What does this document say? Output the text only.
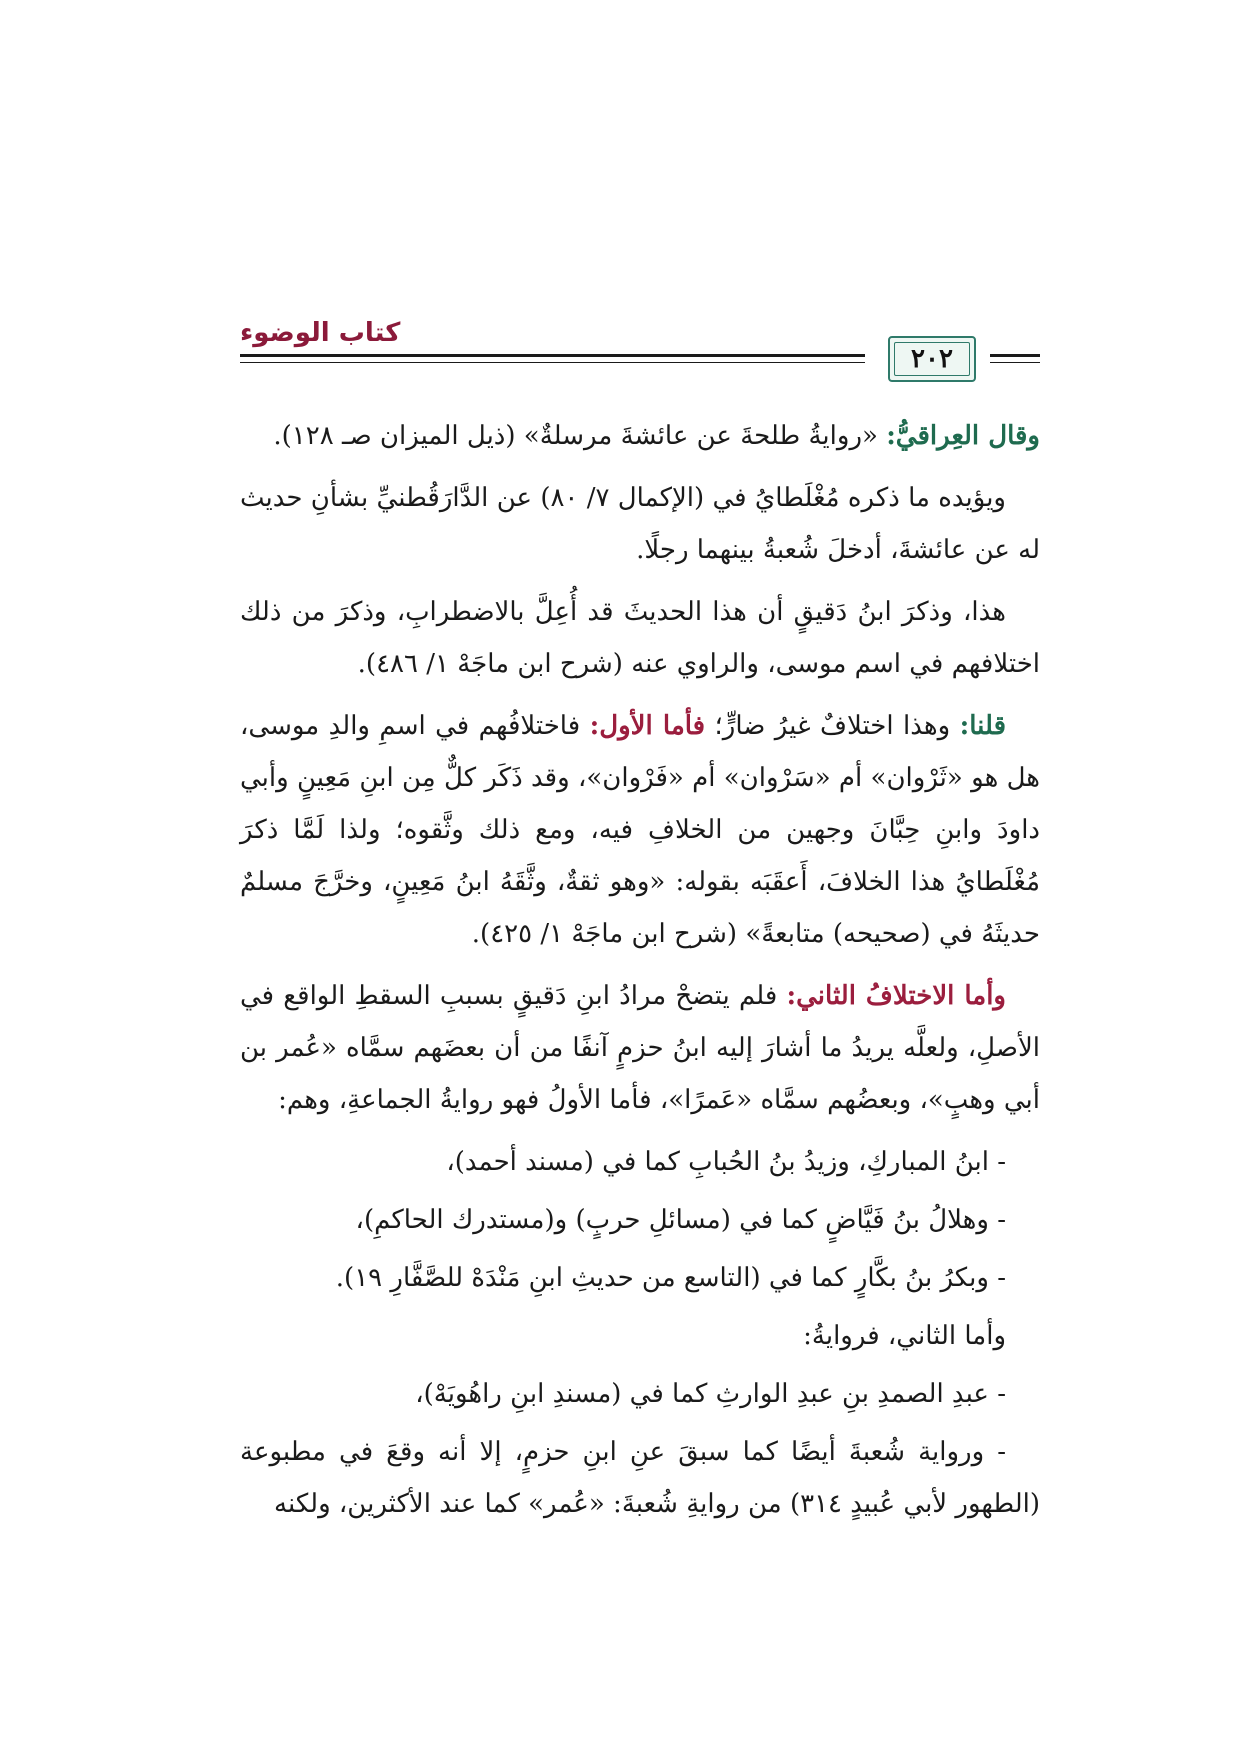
كتاب الوضوء
٢٠٢

وقال العِراقيُّ: «روايةُ طلحةَ عن عائشةَ مرسلةٌ» (ذيل الميزان صـ ١٢٨).

ويؤيده ما ذكره مُغْلَطايُ في (الإكمال ٧/ ٨٠) عن الدَّارَقُطنيِّ بشأنِ حديث له عن عائشةَ، أدخلَ شُعبةُ بينهما رجلًا.

هذا، وذكرَ ابنُ دَقيقٍ أن هذا الحديثَ قد أُعِلَّ بالاضطرابِ، وذكرَ من ذلك اختلافهم في اسم موسى، والراوي عنه (شرح ابن ماجَهْ ١/ ٤٨٦).

قلنا: وهذا اختلافٌ غيرُ ضارٍّ؛ فأما الأول: فاختلافُهم في اسمِ والدِ موسى، هل هو «ثَرْوان» أم «سَرْوان» أم «فَرْوان»، وقد ذَكَر كلٌّ مِن ابنِ مَعِينٍ وأبي داودَ وابنِ حِبَّانَ وجهين من الخلافِ فيه، ومع ذلك وثَّقوه؛ ولذا لَمَّا ذكرَ مُغْلَطايُ هذا الخلافَ، أَعقَبَه بقوله: «وهو ثقةٌ، وثَّقَهُ ابنُ مَعِينٍ، وخرَّجَ مسلمٌ حديثَهُ في (صحيحه) متابعةً» (شرح ابن ماجَهْ ١/ ٤٢٥).

وأما الاختلافُ الثاني: فلم يتضحْ مرادُ ابنِ دَقيقٍ بسببِ السقطِ الواقع في الأصلِ، ولعلَّه يريدُ ما أشارَ إليه ابنُ حزمٍ آنفًا من أن بعضَهم سمَّاه «عُمر بن أبي وهبٍ»، وبعضُهم سمَّاه «عَمرًا»، فأما الأولُ فهو روايةُ الجماعةِ، وهم:

- ابنُ المباركِ، وزيدُ بنُ الحُبابِ كما في (مسند أحمد)،

- وهلالُ بنُ فَيَّاضٍ كما في (مسائلِ حربٍ) و(مستدرك الحاكمِ)،

- وبكرُ بنُ بكَّارٍ كما في (التاسع من حديثِ ابنِ مَنْدَهْ للصَّفَّارِ ١٩).

وأما الثاني، فروايةُ:

- عبدِ الصمدِ بنِ عبدِ الوارثِ كما في (مسندِ ابنِ راهُويَهْ)،

- ورواية شُعبةَ أيضًا كما سبقَ عنِ ابنِ حزمٍ، إلا أنه وقعَ في مطبوعة (الطهور لأبي عُبيدٍ ٣١٤) من روايةِ شُعبةَ: «عُمر» كما عند الأكثرين، ولكنه
